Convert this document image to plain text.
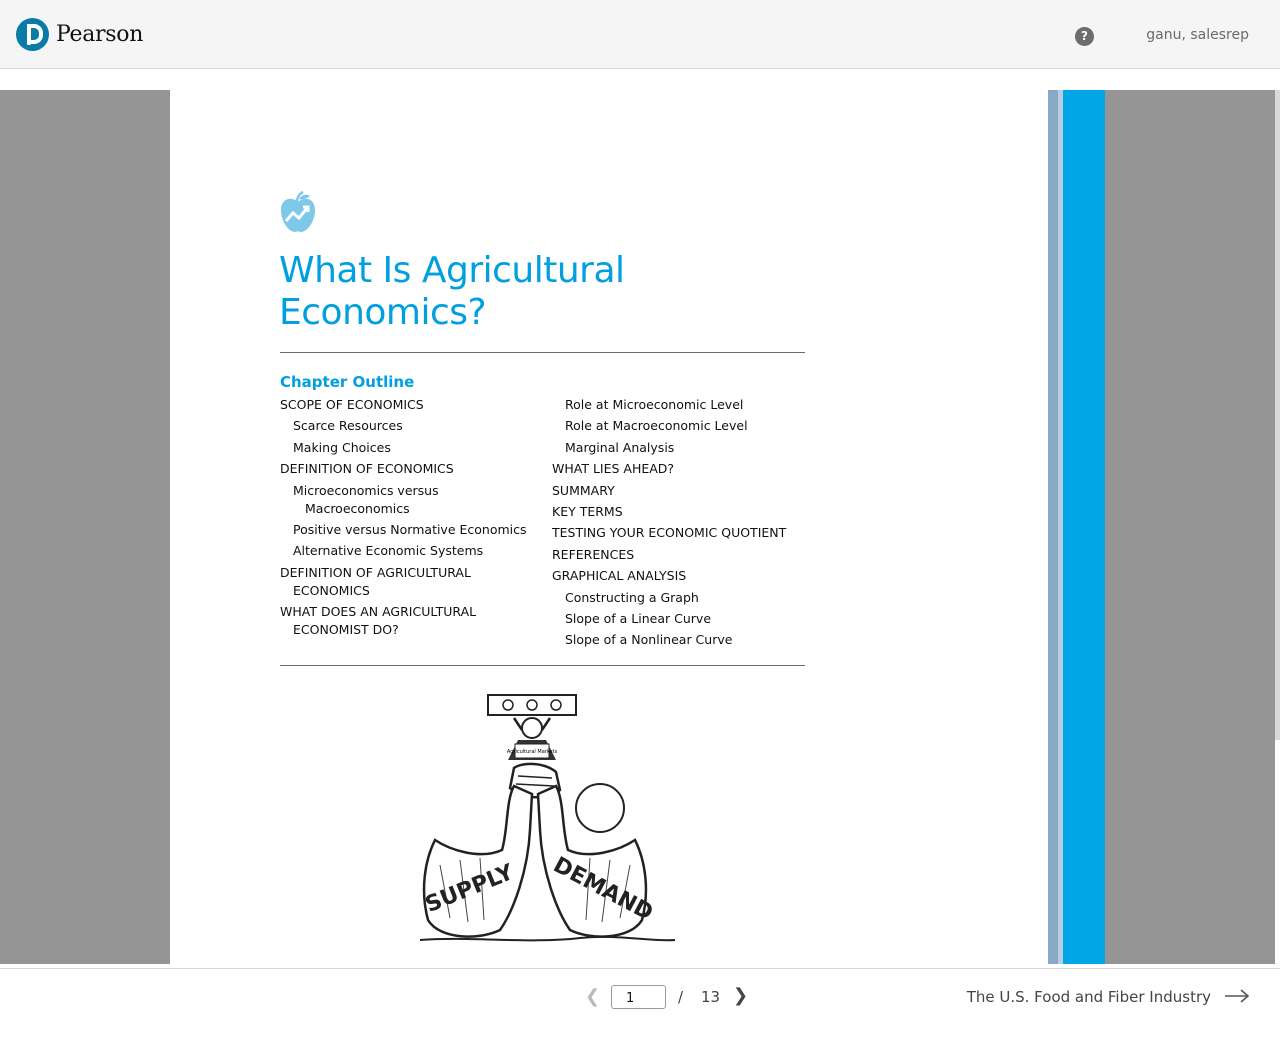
Pearson	?	ganu, salesrep
What Is Agricultural Economics?
Chapter Outline
SCOPE OF ECONOMICS
Scarce Resources
Making Choices
DEFINITION OF ECONOMICS
Microeconomics versus
Macroeconomics
Positive versus Normative Economics
Alternative Economic Systems
DEFINITION OF AGRICULTURAL
ECONOMICS
WHAT DOES AN AGRICULTURAL
ECONOMIST DO?
Role at Microeconomic Level
Role at Macroeconomic Level
Marginal Analysis
WHAT LIES AHEAD?
SUMMARY
KEY TERMS
TESTING YOUR ECONOMIC QUOTIENT
REFERENCES
GRAPHICAL ANALYSIS
Constructing a Graph
Slope of a Linear Curve
Slope of a Nonlinear Curve
Agricultural Markets
SUPPLY DEMAND
❮
1	/ 13 ❯	The U.S. Food and Fiber Industry
